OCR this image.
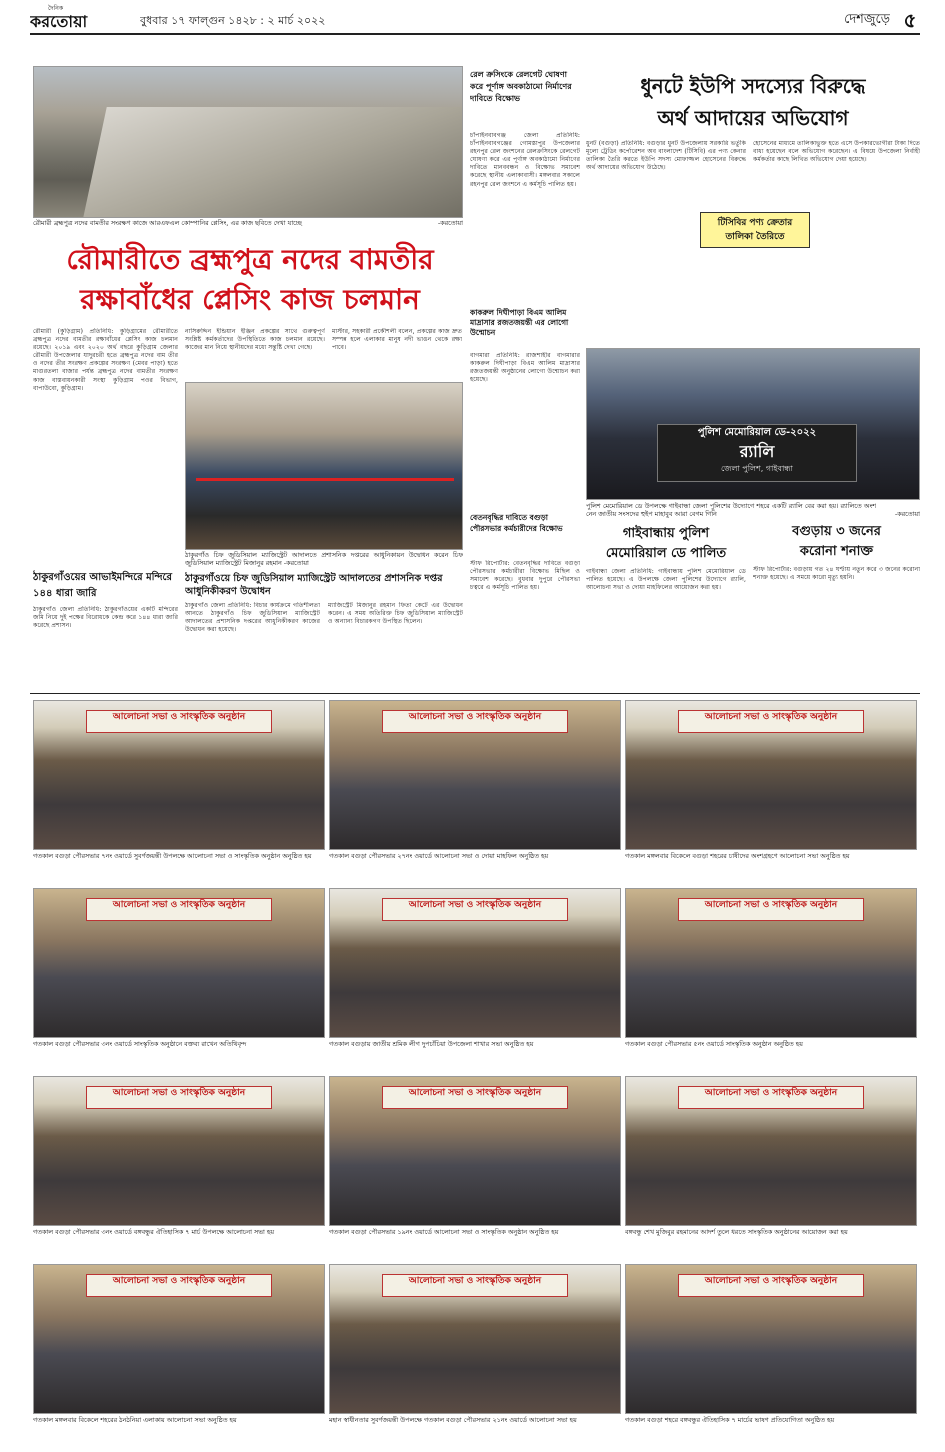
দৈনিক
করতোয়া	বুধবার ১৭ ফাল্গুন ১৪২৮ : ২ মার্চ ২০২২	দেশজুড়ে ৫
রৌমারী ব্রহ্মপুত্র নদের বামতীর সংরক্ষণ কাজে আরএফএল কোম্পানির প্লেসিং, এর কাজ ছবিতে দেখা যাচ্ছে	-করতোয়া
রৌমারীতে ব্রহ্মপুত্র নদের বামতীর
রক্ষাবাঁধের প্লেসিং কাজ চলমান
রৌমারী (কুড়িগ্রাম) প্রতিনিধি: কুড়িগ্রামের রৌমারীতে ব্রহ্মপুত্র নদের বামতীর রক্ষাবাঁধের প্লেসিং কাজ চলমান রয়েছে। ২০১৯ এবং ২০২০ অর্থ বছরে কুড়িগ্রাম জেলার রৌমারী উপজেলার যাদুরচরী হতে ব্রহ্মপুত্র নদের বাম তীর ও নদের তীর সংরক্ষণ প্রকল্পের সংরক্ষণ (মেবর পাড়া) হতে মাগুরতলা বাজার পর্যন্ত ব্রহ্মপুত্র নদের বামতীর সংরক্ষণ কাজ বাস্তবায়নকারী সংস্থা কুড়িগ্রাম পওর বিভাগ, বাপাউবো, কুড়িগ্রাম।
নাসিরুদ্দিন ইন্ডিয়ান ইঞ্জিন প্রকল্পের সাথে গুরুত্বপূর্ণ সংশ্লিষ্ট কর্মকর্তাদের উপস্থিতিতে কাজ চলমান রয়েছে। কাজের মান নিয়ে স্থানীয়দের মধ্যে সন্তুষ্টি দেখা গেছে।
মাস্টার, সহকারী প্রকৌশলী বলেন, প্রকল্পের কাজ দ্রুত সম্পন্ন হলে এলাকার মানুষ নদী ভাঙন থেকে রক্ষা পাবে।
ঠাকুরগাঁও চিফ জুডিসিয়াল ম্যাজিস্ট্রেট আদালতে প্রশাসনিক দপ্তরের আধুনিকায়ন উদ্বোধন করেন চিফ জুডিসিয়াল ম্যাজিস্ট্রেট মিজানুর রহমান -করতোয়া
ঠাকুরগাঁওয়ের আভাইমন্দিরে মন্দিরে ১৪৪ ধারা জারি
ঠাকুরগাঁও জেলা প্রতিনিধি: ঠাকুরগাঁওয়ের একটি মন্দিরের জমি নিয়ে দুই পক্ষের বিরোধকে কেন্দ্র করে ১৪৪ ধারা জারি করেছে প্রশাসন।
ঠাকুরগাঁওয়ে চিফ জুডিসিয়াল ম্যাজিস্ট্রেট আদালতের প্রশাসনিক দপ্তর আধুনিকীকরণ উদ্বোধন
ঠাকুরগাঁও জেলা প্রতিনিধি: বিচার কার্যক্রমে গতিশীলতা আনতে ঠাকুরগাঁও চিফ জুডিসিয়াল ম্যাজিস্ট্রেট আদালতের প্রশাসনিক দপ্তরের আধুনিকীকরণ কাজের উদ্বোধন করা হয়েছে।
ম্যাজিস্ট্রেট মিজানুর রহমান ফিতা কেটে এর উদ্বোধন করেন। এ সময় অতিরিক্ত চিফ জুডিসিয়াল ম্যাজিস্ট্রেট ও অন্যান্য বিচারকগণ উপস্থিত ছিলেন।
রেল ক্রসিংকে রেলগেট ঘোষণা করে পূর্ণাঙ্গ অবকাঠামো নির্মাণের দাবিতে বিক্ষোভ
চাঁপাইনবাবগঞ্জ জেলা প্রতিনিধি: চাঁপাইনবাবগঞ্জের গোমস্তাপুর উপজেলার রহনপুর রেল জংশনের রেলক্রসিংকে রেলগেট ঘোষণা করে এর পূর্ণাঙ্গ অবকাঠামো নির্মাণের দাবিতে মানববন্ধন ও বিক্ষোভ সমাবেশ করেছে স্থানীয় এলাকাবাসী। মঙ্গলবার সকালে রহনপুর রেল জংশনে এ কর্মসূচি পালিত হয়।
কাকরুল দিঘীপাড়া বিএম আলিম মাদ্রাসার রজতজয়ন্তী এর লোগো উন্মোচন
বাগমারা প্রতিনিধি: রাজশাহীর বাগমারার কাকরুল দিঘীপাড়া বিএম আলিম মাদ্রাসার রজতজয়ন্তী অনুষ্ঠানের লোগো উন্মোচন করা হয়েছে।
বেতনবৃদ্ধির দাবিতে বগুড়া পৌরসভার কর্মচারীদের বিক্ষোভ
স্টাফ রিপোর্টার: বেতনবৃদ্ধির দাবিতে বগুড়া পৌরসভার কর্মচারীরা বিক্ষোভ মিছিল ও সমাবেশ করেছে। বুধবার দুপুরে পৌরসভা চত্বরে এ কর্মসূচি পালিত হয়।
ধুনটে ইউপি সদস্যের বিরুদ্ধে
অর্থ আদায়ের অভিযোগ
ধুনট (বগুড়া) প্রতিনিধি: বগুড়ার ধুনট উপজেলায় সরকারি ভর্তুকি মূল্যে ট্রেডিং কর্পোরেশন অব বাংলাদেশ (টিসিবি) এর পণ্য কেনার তালিকা তৈরি করতে ইউপি সদস্য মোফাজ্জল হোসেনের বিরুদ্ধে অর্থ আদায়ের অভিযোগ উঠেছে।
হোসেনের মাধ্যমে তালিকাভুক্ত হতে এসে উপকারভোগীরা টাকা দিতে বাধ্য হয়েছেন বলে অভিযোগ করেছেন। এ বিষয়ে উপজেলা নির্বাহী কর্মকর্তার কাছে লিখিত অভিযোগ দেয়া হয়েছে।
টিসিবির পণ্য ক্রেতার তালিকা তৈরিতে
পুলিশ মেমোরিয়াল ডে-২০২২
র‌্যালি
জেলা পুলিশ, গাইবান্ধা
পুলিশ মেমোরিয়াল ডে উপলক্ষে গাইবান্ধা জেলা পুলিশের উদ্যোগে শহরে একটি র‍্যালি বের করা হয়। র‍্যালিতে অংশ নেন জাতীয় সংসদের হুইপ মাহাবুব আরা বেগম গিনি	-করতোয়া
গাইবান্ধায় পুলিশ
মেমোরিয়াল ডে পালিত
গাইবান্ধা জেলা প্রতিনিধি: গাইবান্ধায় পুলিশ মেমোরিয়াল ডে পালিত হয়েছে। এ উপলক্ষে জেলা পুলিশের উদ্যোগে র‍্যালি, আলোচনা সভা ও দোয়া মাহফিলের আয়োজন করা হয়।
বগুড়ায় ৩ জনের
করোনা শনাক্ত
স্টাফ রিপোর্টার: বগুড়ায় গত ২৪ ঘণ্টায় নতুন করে ৩ জনের করোনা শনাক্ত হয়েছে। এ সময়ে কারো মৃত্যু হয়নি।
আলোচনা সভা ও সাংস্কৃতিক অনুষ্ঠান
গতকাল বগুড়া পৌরসভার ৭নং ওয়ার্ডে সুবর্ণজয়ন্তী উপলক্ষে আলোচনা সভা ও সাংস্কৃতিক অনুষ্ঠান অনুষ্ঠিত হয়
আলোচনা সভা ও সাংস্কৃতিক অনুষ্ঠান
গতকাল বগুড়া পৌরসভার ২৭নং ওয়ার্ডে আলোচনা সভা ও দোয়া মাহফিল অনুষ্ঠিত হয়
আলোচনা সভা ও সাংস্কৃতিক অনুষ্ঠান
গতকাল মঙ্গলবার বিকেলে বগুড়া শহরের চাষীদের অংশগ্রহণে আলোচনা সভা অনুষ্ঠিত হয়
আলোচনা সভা ও সাংস্কৃতিক অনুষ্ঠান
গতকাল বগুড়া পৌরসভার ৩নং ওয়ার্ডে সাংস্কৃতিক অনুষ্ঠানে বক্তব্য রাখেন অতিথিবৃন্দ
আলোচনা সভা ও সাংস্কৃতিক অনুষ্ঠান
গতকাল বগুড়ায় জাতীয় শ্রমিক লীগ দুপচাঁচিয়া উপজেলা শাখার সভা অনুষ্ঠিত হয়
আলোচনা সভা ও সাংস্কৃতিক অনুষ্ঠান
গতকাল বগুড়া পৌরসভার ৫নং ওয়ার্ডে সাংস্কৃতিক অনুষ্ঠান অনুষ্ঠিত হয়
আলোচনা সভা ও সাংস্কৃতিক অনুষ্ঠান
গতকাল বগুড়া পৌরসভার ৩নং ওয়ার্ডে বঙ্গবন্ধুর ঐতিহাসিক ৭ মার্চ উপলক্ষে আলোচনা সভা হয়
আলোচনা সভা ও সাংস্কৃতিক অনুষ্ঠান
গতকাল বগুড়া পৌরসভার ১৯নং ওয়ার্ডে আলোচনা সভা ও সাংস্কৃতিক অনুষ্ঠান অনুষ্ঠিত হয়
আলোচনা সভা ও সাংস্কৃতিক অনুষ্ঠান
বঙ্গবন্ধু শেখ মুজিবুর রহমানের আদর্শ তুলে ধরতে সাংস্কৃতিক অনুষ্ঠানের আয়োজন করা হয়
আলোচনা সভা ও সাংস্কৃতিক অনুষ্ঠান
গতকাল মঙ্গলবার বিকেলে শহরের ঠনঠনিয়া এলাকায় আলোচনা সভা অনুষ্ঠিত হয়
আলোচনা সভা ও সাংস্কৃতিক অনুষ্ঠান
মহান স্বাধীনতার সুবর্ণজয়ন্তী উপলক্ষে গতকাল বগুড়া পৌরসভার ২১নং ওয়ার্ডে আলোচনা সভা হয়
আলোচনা সভা ও সাংস্কৃতিক অনুষ্ঠান
গতকাল বগুড়া শহরে বঙ্গবন্ধুর ঐতিহাসিক ৭ মার্চের ভাষণ প্রতিযোগিতা অনুষ্ঠিত হয়
